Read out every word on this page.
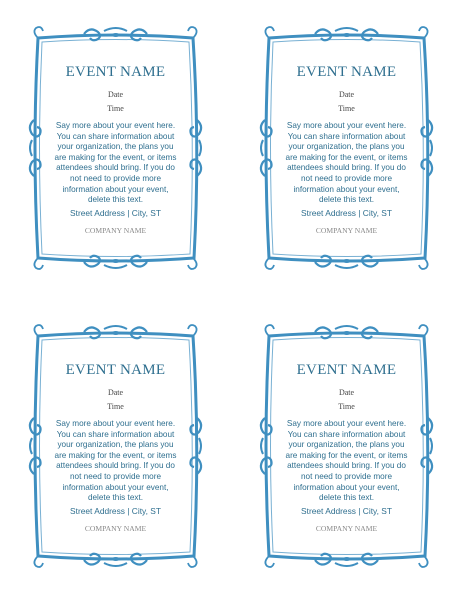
EVENT NAME
Date
Time
Say more about your event here. You can share information about your organization, the plans you are making for the event, or items attendees should bring. If you do not need to provide more information about your event, delete this text.
Street Address | City, ST
COMPANY NAME
EVENT NAME
Date
Time
Say more about your event here. You can share information about your organization, the plans you are making for the event, or items attendees should bring. If you do not need to provide more information about your event, delete this text.
Street Address | City, ST
COMPANY NAME
EVENT NAME
Date
Time
Say more about your event here. You can share information about your organization, the plans you are making for the event, or items attendees should bring. If you do not need to provide more information about your event, delete this text.
Street Address | City, ST
COMPANY NAME
EVENT NAME
Date
Time
Say more about your event here. You can share information about your organization, the plans you are making for the event, or items attendees should bring. If you do not need to provide more information about your event, delete this text.
Street Address | City, ST
COMPANY NAME
